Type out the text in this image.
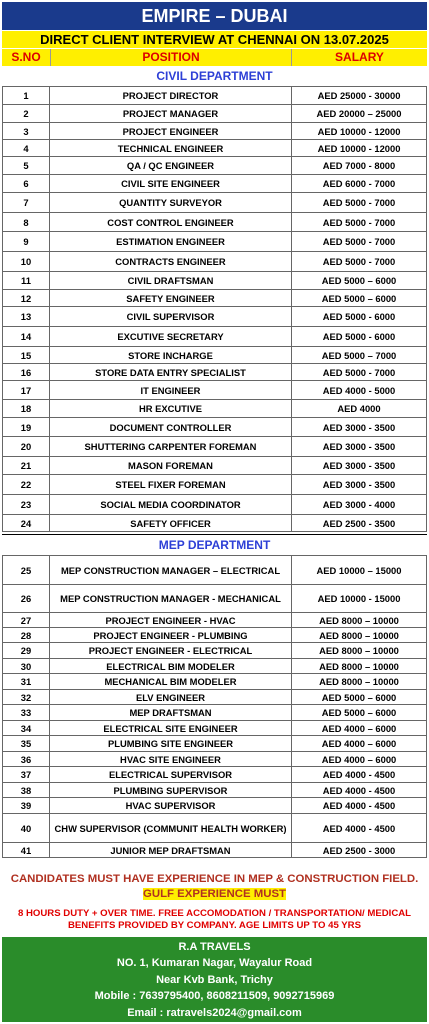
EMPIRE – DUBAI
DIRECT CLIENT INTERVIEW AT CHENNAI ON 13.07.2025
S.NO	POSITION	SALARY
CIVIL DEPARTMENT
1	PROJECT DIRECTOR	AED 25000 - 30000
2	PROJECT MANAGER	AED 20000 – 25000
3	PROJECT ENGINEER	AED 10000 - 12000
4	TECHNICAL ENGINEER	AED 10000 - 12000
5	QA / QC ENGINEER	AED 7000 - 8000
6	CIVIL SITE ENGINEER	AED 6000 - 7000
7	QUANTITY SURVEYOR	AED 5000 - 7000
8	COST CONTROL ENGINEER	AED 5000 - 7000
9	ESTIMATION ENGINEER	AED 5000 - 7000
10	CONTRACTS ENGINEER	AED 5000 - 7000
11	CIVIL DRAFTSMAN	AED 5000 – 6000
12	SAFETY ENGINEER	AED 5000 – 6000
13	CIVIL SUPERVISOR	AED 5000 - 6000
14	EXCUTIVE SECRETARY	AED 5000 - 6000
15	STORE INCHARGE	AED 5000 – 7000
16	STORE DATA ENTRY SPECIALIST	AED 5000 - 7000
17	IT ENGINEER	AED 4000 - 5000
18	HR EXCUTIVE	AED 4000
19	DOCUMENT CONTROLLER	AED 3000 - 3500
20	SHUTTERING CARPENTER FOREMAN	AED 3000 - 3500
21	MASON FOREMAN	AED 3000 - 3500
22	STEEL FIXER FOREMAN	AED 3000 - 3500
23	SOCIAL MEDIA COORDINATOR	AED 3000 - 4000
24	SAFETY OFFICER	AED 2500 - 3500
MEP DEPARTMENT
25	MEP CONSTRUCTION MANAGER – ELECTRICAL	AED 10000 – 15000
26	MEP CONSTRUCTION MANAGER - MECHANICAL	AED 10000 - 15000
27	PROJECT ENGINEER - HVAC	AED 8000 – 10000
28	PROJECT ENGINEER - PLUMBING	AED 8000 – 10000
29	PROJECT ENGINEER - ELECTRICAL	AED 8000 – 10000
30	ELECTRICAL BIM MODELER	AED 8000 – 10000
31	MECHANICAL BIM MODELER	AED 8000 – 10000
32	ELV ENGINEER	AED 5000 – 6000
33	MEP DRAFTSMAN	AED 5000 – 6000
34	ELECTRICAL SITE ENGINEER	AED 4000 – 6000
35	PLUMBING SITE ENGINEER	AED 4000 – 6000
36	HVAC SITE ENGINEER	AED 4000 – 6000
37	ELECTRICAL SUPERVISOR	AED 4000 - 4500
38	PLUMBING SUPERVISOR	AED 4000 - 4500
39	HVAC SUPERVISOR	AED 4000 - 4500
40	CHW SUPERVISOR (COMMUNIT HEALTH WORKER)	AED 4000 - 4500
41	JUNIOR MEP DRAFTSMAN	AED 2500 - 3000
CANDIDATES MUST HAVE EXPERIENCE IN MEP & CONSTRUCTION FIELD. GULF EXPERIENCE MUST
8 HOURS DUTY + OVER TIME. FREE ACCOMODATION / TRANSPORTATION/ MEDICAL BENEFITS PROVIDED BY COMPANY. AGE LIMITS UP TO 45 YRS
R.A TRAVELS
NO. 1, Kumaran Nagar, Wayalur Road
Near Kvb Bank, Trichy
Mobile : 7639795400, 8608211509, 9092715969
Email : ratravels2024@gmail.com
